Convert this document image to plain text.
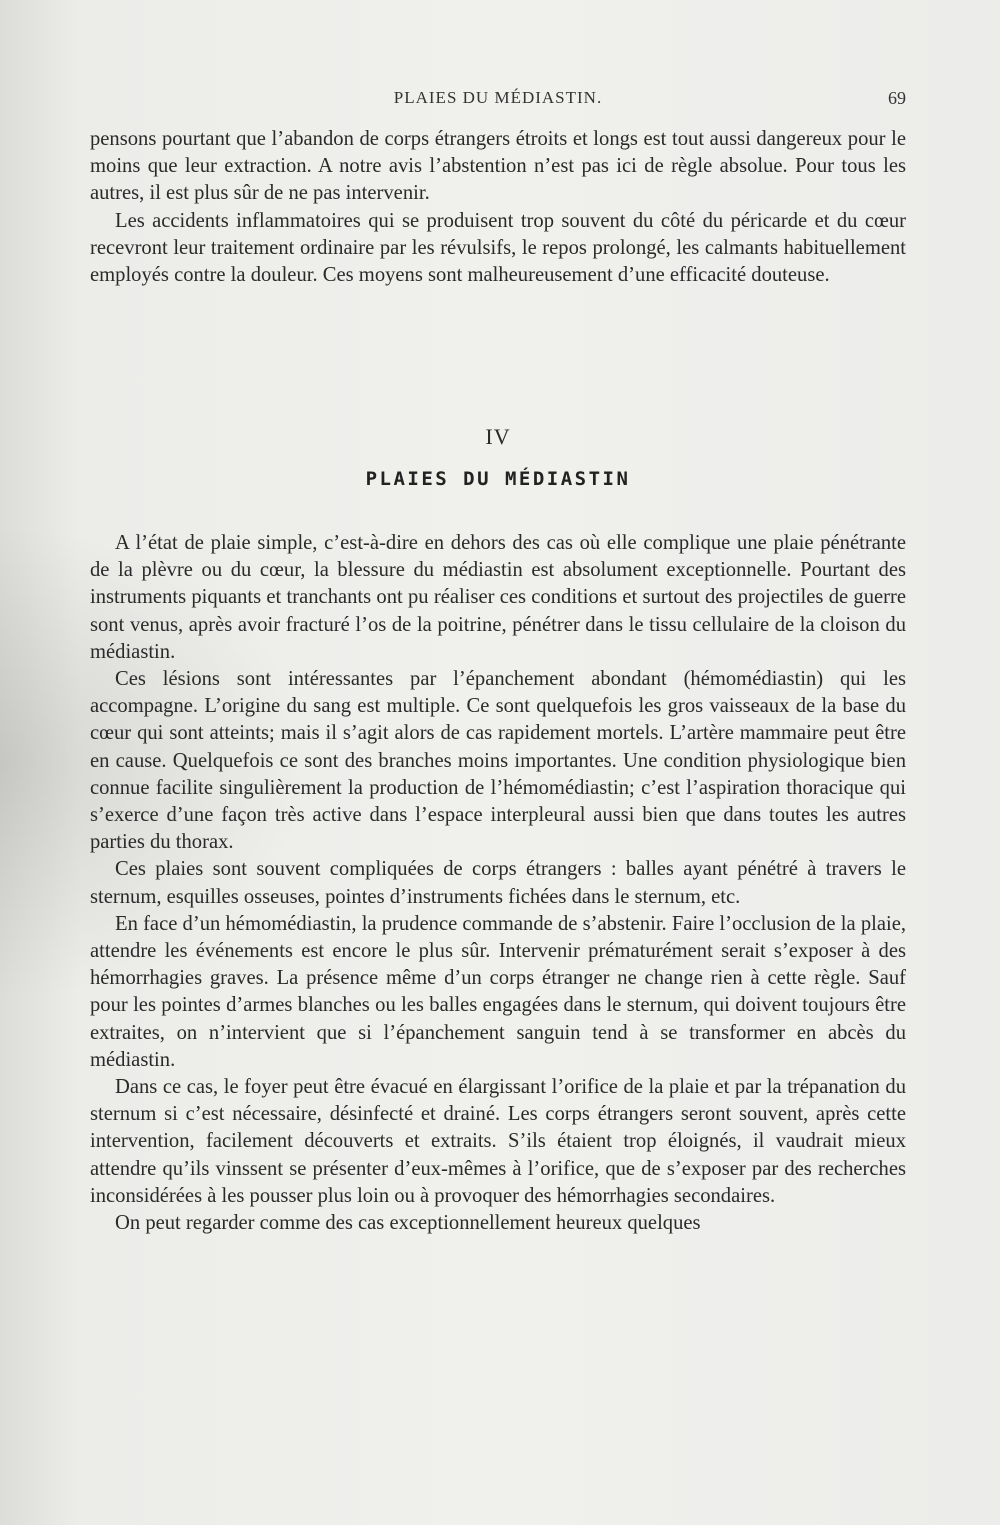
PLAIES DU MÉDIASTIN.	69

pensons pourtant que l’abandon de corps étrangers étroits et longs est tout aussi dangereux pour le moins que leur extraction. A notre avis l’abstention n’est pas ici de règle absolue. Pour tous les autres, il est plus sûr de ne pas intervenir.

Les accidents inflammatoires qui se produisent trop souvent du côté du péricarde et du cœur recevront leur traitement ordinaire par les révulsifs, le repos prolongé, les calmants habituellement employés contre la douleur. Ces moyens sont malheureusement d’une efficacité douteuse.

IV
PLAIES DU MÉDIASTIN

A l’état de plaie simple, c’est-à-dire en dehors des cas où elle complique une plaie pénétrante de la plèvre ou du cœur, la blessure du médiastin est absolument exceptionnelle. Pourtant des instruments piquants et tranchants ont pu réaliser ces conditions et surtout des projectiles de guerre sont venus, après avoir fracturé l’os de la poitrine, pénétrer dans le tissu cellulaire de la cloison du médiastin.

Ces lésions sont intéressantes par l’épanchement abondant (hémomédiastin) qui les accompagne. L’origine du sang est multiple. Ce sont quelquefois les gros vaisseaux de la base du cœur qui sont atteints; mais il s’agit alors de cas rapidement mortels. L’artère mammaire peut être en cause. Quelquefois ce sont des branches moins importantes. Une condition physiologique bien connue facilite singulièrement la production de l’hémomédiastin; c’est l’aspiration thoracique qui s’exerce d’une façon très active dans l’espace interpleural aussi bien que dans toutes les autres parties du thorax.

Ces plaies sont souvent compliquées de corps étrangers : balles ayant pénétré à travers le sternum, esquilles osseuses, pointes d’instruments fichées dans le sternum, etc.

En face d’un hémomédiastin, la prudence commande de s’abstenir. Faire l’occlusion de la plaie, attendre les événements est encore le plus sûr. Intervenir prématurément serait s’exposer à des hémorrhagies graves. La présence même d’un corps étranger ne change rien à cette règle. Sauf pour les pointes d’armes blanches ou les balles engagées dans le sternum, qui doivent toujours être extraites, on n’intervient que si l’épanchement sanguin tend à se transformer en abcès du médiastin.

Dans ce cas, le foyer peut être évacué en élargissant l’orifice de la plaie et par la trépanation du sternum si c’est nécessaire, désinfecté et drainé. Les corps étrangers seront souvent, après cette intervention, facilement découverts et extraits. S’ils étaient trop éloignés, il vaudrait mieux attendre qu’ils vinssent se présenter d’eux-mêmes à l’orifice, que de s’exposer par des recherches inconsidérées à les pousser plus loin ou à provoquer des hémorrhagies secondaires.

On peut regarder comme des cas exceptionnellement heureux quelques
